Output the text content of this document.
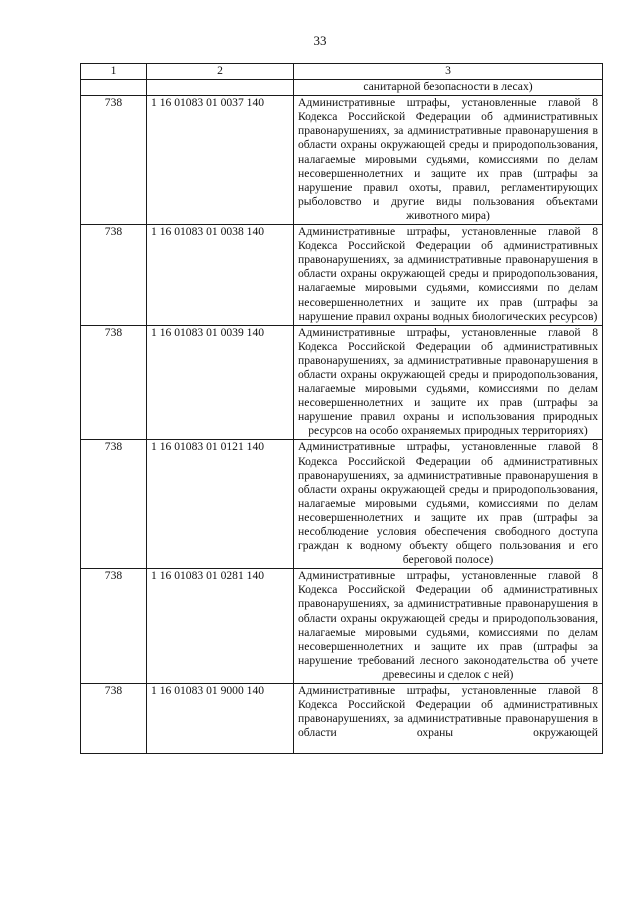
33
1	2	3
		санитарной безопасности в лесах)
738	1 16 01083 01 0037 140	Административные штрафы, установленные главой 8 Кодекса Российской Федерации об административных правонарушениях, за административные правонарушения в области охраны окружающей среды и природопользования, налагаемые мировыми судьями, комиссиями по делам несовершеннолетних и защите их прав (штрафы за нарушение правил охоты, правил, регламентирующих рыболовство и другие виды пользования объектами животного мира)
738	1 16 01083 01 0038 140	Административные штрафы, установленные главой 8 Кодекса Российской Федерации об административных правонарушениях, за административные правонарушения в области охраны окружающей среды и природопользования, налагаемые мировыми судьями, комиссиями по делам несовершеннолетних и защите их прав (штрафы за нарушение правил охраны водных биологических ресурсов)
738	1 16 01083 01 0039 140	Административные штрафы, установленные главой 8 Кодекса Российской Федерации об административных правонарушениях, за административные правонарушения в области охраны окружающей среды и природопользования, налагаемые мировыми судьями, комиссиями по делам несовершеннолетних и защите их прав (штрафы за нарушение правил охраны и использования природных ресурсов на особо охраняемых природных территориях)
738	1 16 01083 01 0121 140	Административные штрафы, установленные главой 8 Кодекса Российской Федерации об административных правонарушениях, за административные правонарушения в области охраны окружающей среды и природопользования, налагаемые мировыми судьями, комиссиями по делам несовершеннолетних и защите их прав (штрафы за несоблюдение условия обеспечения свободного доступа граждан к водному объекту общего пользования и его береговой полосе)
738	1 16 01083 01 0281 140	Административные штрафы, установленные главой 8 Кодекса Российской Федерации об административных правонарушениях, за административные правонарушения в области охраны окружающей среды и природопользования, налагаемые мировыми судьями, комиссиями по делам несовершеннолетних и защите их прав (штрафы за нарушение требований лесного законодательства об учете древесины и сделок с ней)
738	1 16 01083 01 9000 140	Административные штрафы, установленные главой 8 Кодекса Российской Федерации об административных правонарушениях, за административные правонарушения в области охраны окружающей
